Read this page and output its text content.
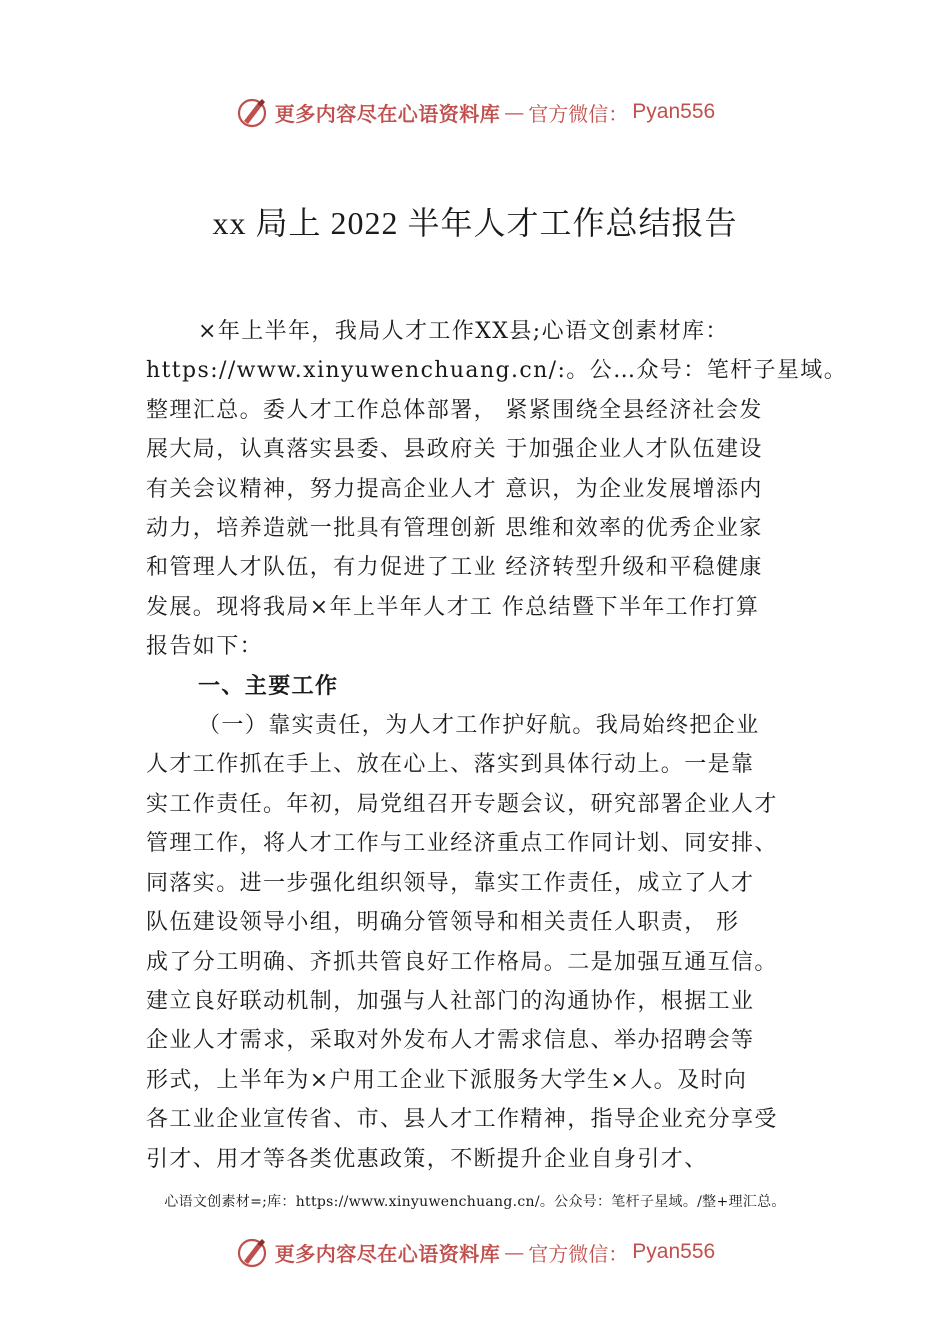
更多内容尽在心语资料库 — 官方微信： Pyan556
xx 局上 2022 半年人才工作总结报告
×年上半年，我局人才工作XX县;心语文创素材库：
https://www.xinyuwenchuang.cn/:。公…众号：笔杆子星域。
整理汇总。委人才工作总体部署， 紧紧围绕全县经济社会发
展大局，认真落实县委、县政府关 于加强企业人才队伍建设
有关会议精神，努力提高企业人才 意识，为企业发展增添内
动力，培养造就一批具有管理创新 思维和效率的优秀企业家
和管理人才队伍，有力促进了工业 经济转型升级和平稳健康
发展。现将我局×年上半年人才工 作总结暨下半年工作打算
报告如下：
一、主要工作
（一）靠实责任，为人才工作护好航。我局始终把企业
人才工作抓在手上、放在心上、落实到具体行动上。一是靠
实工作责任。年初，局党组召开专题会议，研究部署企业人才
管理工作，将人才工作与工业经济重点工作同计划、同安排、
同落实。进一步强化组织领导，靠实工作责任，成立了人才
队伍建设领导小组，明确分管领导和相关责任人职责， 形
成了分工明确、齐抓共管良好工作格局。二是加强互通互信。
建立良好联动机制，加强与人社部门的沟通协作，根据工业
企业人才需求，采取对外发布人才需求信息、举办招聘会等
形式，上半年为×户用工企业下派服务大学生×人。及时向
各工业企业宣传省、市、县人才工作精神，指导企业充分享受
引才、用才等各类优惠政策，不断提升企业自身引才、
心语文创素材=;库：https://www.xinyuwenchuang.cn/。公众号：笔杆子星域。/整+理汇总。
更多内容尽在心语资料库 — 官方微信： Pyan556
